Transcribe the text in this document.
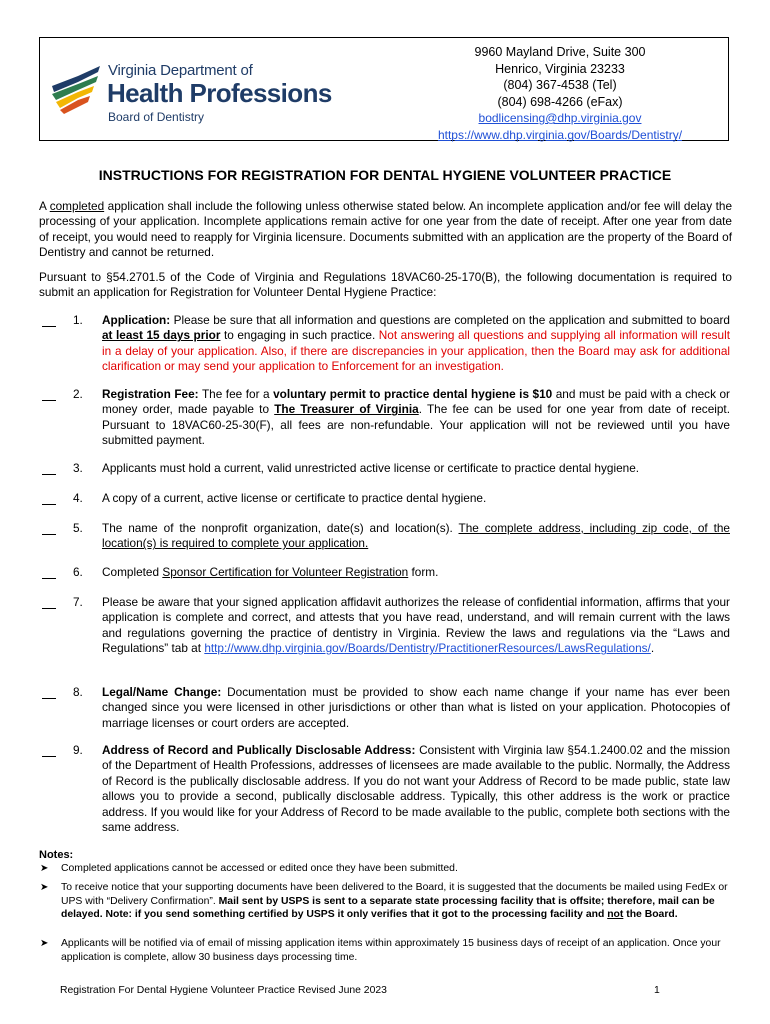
Virginia Department of
Health Professions
Board of Dentistry
9960 Mayland Drive, Suite 300
Henrico, Virginia 23233
(804) 367-4538 (Tel)
(804) 698-4266 (eFax)
bodlicensing@dhp.virginia.gov
https://www.dhp.virginia.gov/Boards/Dentistry/
INSTRUCTIONS FOR REGISTRATION FOR DENTAL HYGIENE VOLUNTEER PRACTICE
A completed application shall include the following unless otherwise stated below. An incomplete application and/or fee will delay the processing of your application. Incomplete applications remain active for one year from the date of receipt. After one year from date of receipt, you would need to reapply for Virginia licensure. Documents submitted with an application are the property of the Board of Dentistry and cannot be returned.
Pursuant to §54.2701.5 of the Code of Virginia and Regulations 18VAC60-25-170(B), the following documentation is required to submit an application for Registration for Volunteer Dental Hygiene Practice:
1. Application: Please be sure that all information and questions are completed on the application and submitted to board at least 15 days prior to engaging in such practice. Not answering all questions and supplying all information will result in a delay of your application. Also, if there are discrepancies in your application, then the Board may ask for additional clarification or may send your application to Enforcement for an investigation.
2. Registration Fee: The fee for a voluntary permit to practice dental hygiene is $10 and must be paid with a check or money order, made payable to The Treasurer of Virginia. The fee can be used for one year from date of receipt. Pursuant to 18VAC60-25-30(F), all fees are non-refundable. Your application will not be reviewed until you have submitted payment.
3. Applicants must hold a current, valid unrestricted active license or certificate to practice dental hygiene.
4. A copy of a current, active license or certificate to practice dental hygiene.
5. The name of the nonprofit organization, date(s) and location(s). The complete address, including zip code, of the location(s) is required to complete your application.
6. Completed Sponsor Certification for Volunteer Registration form.
7. Please be aware that your signed application affidavit authorizes the release of confidential information, affirms that your application is complete and correct, and attests that you have read, understand, and will remain current with the laws and regulations governing the practice of dentistry in Virginia. Review the laws and regulations via the “Laws and Regulations” tab at http://www.dhp.virginia.gov/Boards/Dentistry/PractitionerResources/LawsRegulations/.
8. Legal/Name Change: Documentation must be provided to show each name change if your name has ever been changed since you were licensed in other jurisdictions or other than what is listed on your application. Photocopies of marriage licenses or court orders are accepted.
9. Address of Record and Publically Disclosable Address: Consistent with Virginia law §54.1.2400.02 and the mission of the Department of Health Professions, addresses of licensees are made available to the public. Normally, the Address of Record is the publically disclosable address. If you do not want your Address of Record to be made public, state law allows you to provide a second, publically disclosable address. Typically, this other address is the work or practice address. If you would like for your Address of Record to be made available to the public, complete both sections with the same address.
Notes:
➤ Completed applications cannot be accessed or edited once they have been submitted.
➤ To receive notice that your supporting documents have been delivered to the Board, it is suggested that the documents be mailed using FedEx or UPS with “Delivery Confirmation”. Mail sent by USPS is sent to a separate state processing facility that is offsite; therefore, mail can be delayed. Note: if you send something certified by USPS it only verifies that it got to the processing facility and not the Board.
➤ Applicants will be notified via of email of missing application items within approximately 15 business days of receipt of an application. Once your application is complete, allow 30 business days processing time.
Registration For Dental Hygiene Volunteer Practice Revised June 2023	1
